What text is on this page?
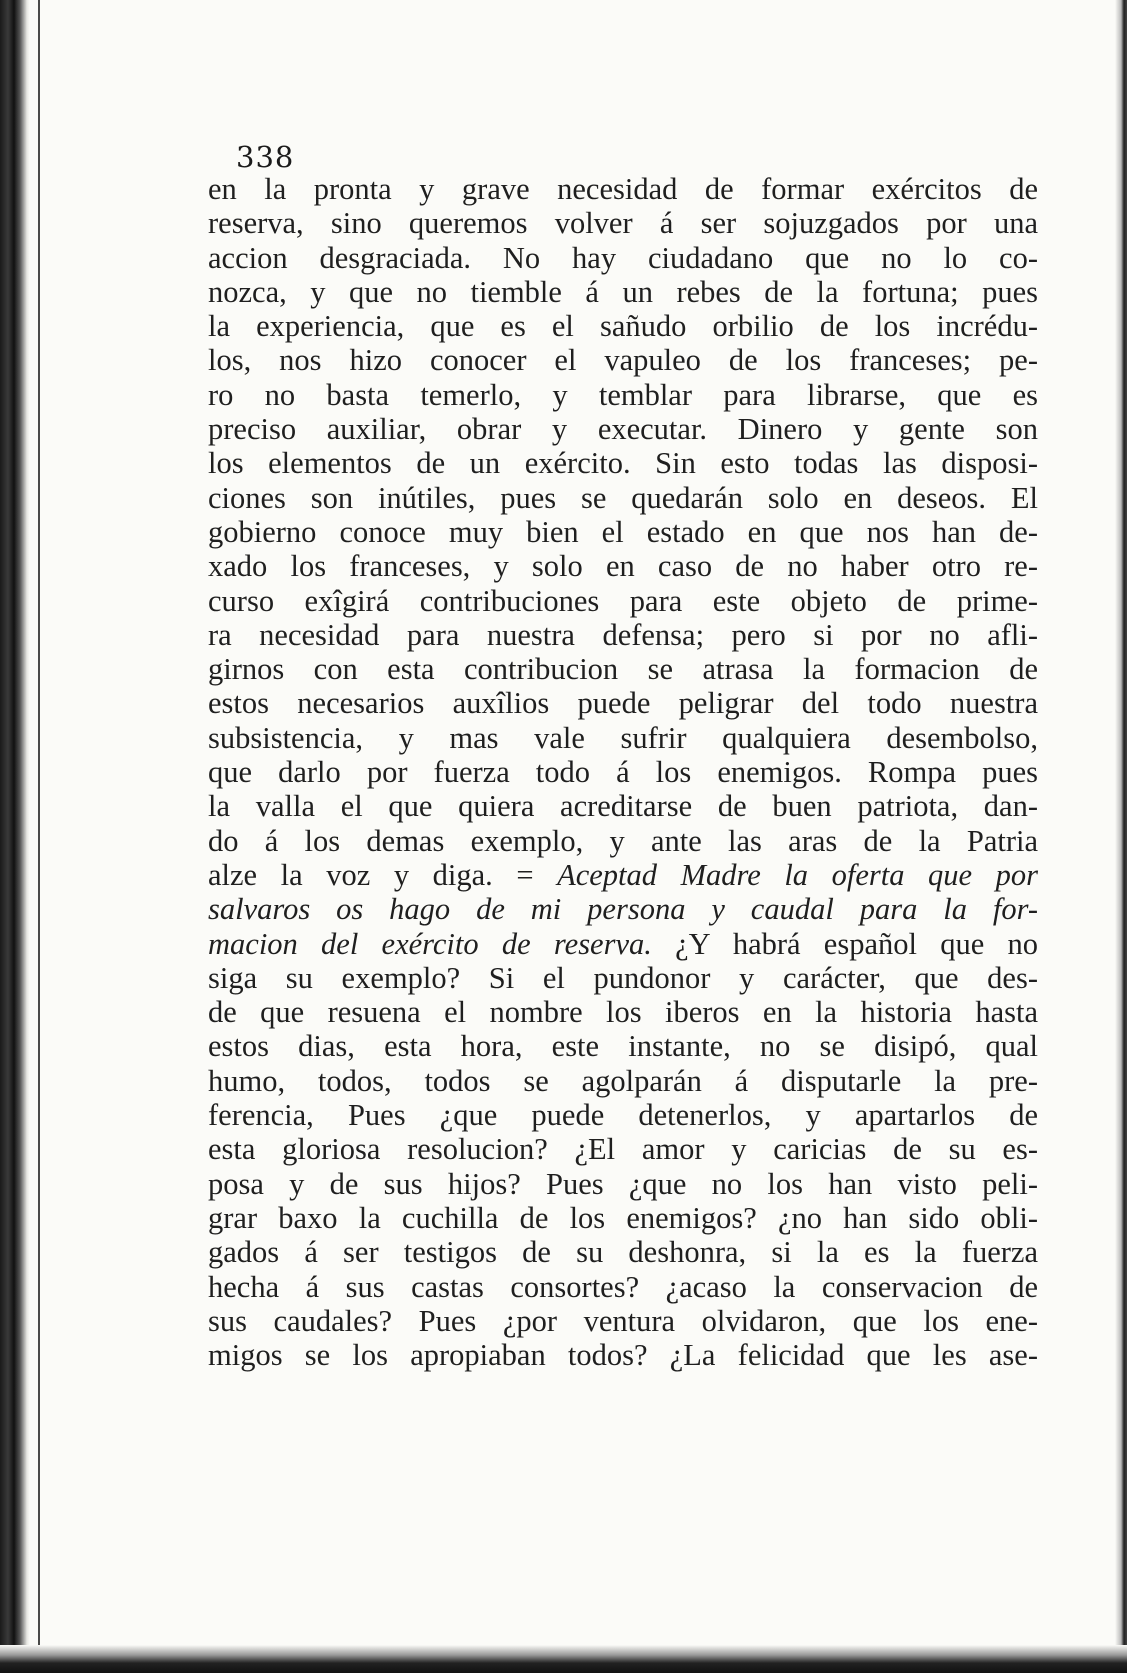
338
en la pronta y grave necesidad de formar exércitos de
reserva, sino queremos volver á ser sojuzgados por una
accion desgraciada. No hay ciudadano que no lo co-
nozca, y que no tiemble á un rebes de la fortuna; pues
la experiencia, que es el sañudo orbilio de los incrédu-
los, nos hizo conocer el vapuleo de los franceses; pe-
ro no basta temerlo, y temblar para librarse, que es
preciso auxiliar, obrar y executar. Dinero y gente son
los elementos de un exército. Sin esto todas las disposi-
ciones son inútiles, pues se quedarán solo en deseos. El
gobierno conoce muy bien el estado en que nos han de-
xado los franceses, y solo en caso de no haber otro re-
curso exîgirá contribuciones para este objeto de prime-
ra necesidad para nuestra defensa; pero si por no afli-
girnos con esta contribucion se atrasa la formacion de
estos necesarios auxîlios puede peligrar del todo nuestra
subsistencia, y mas vale sufrir qualquiera desembolso,
que darlo por fuerza todo á los enemigos. Rompa pues
la valla el que quiera acreditarse de buen patriota, dan-
do á los demas exemplo, y ante las aras de la Patria
alze la voz y diga. = Aceptad Madre la oferta que por
salvaros os hago de mi persona y caudal para la for-
macion del exército de reserva. ¿Y habrá español que no
siga su exemplo? Si el pundonor y carácter, que des-
de que resuena el nombre los iberos en la historia hasta
estos dias, esta hora, este instante, no se disipó, qual
humo, todos, todos se agolparán á disputarle la pre-
ferencia, Pues ¿que puede detenerlos, y apartarlos de
esta gloriosa resolucion? ¿El amor y caricias de su es-
posa y de sus hijos? Pues ¿que no los han visto peli-
grar baxo la cuchilla de los enemigos? ¿no han sido obli-
gados á ser testigos de su deshonra, si la es la fuerza
hecha á sus castas consortes? ¿acaso la conservacion de
sus caudales? Pues ¿por ventura olvidaron, que los ene-
migos se los apropiaban todos? ¿La felicidad que les ase-
